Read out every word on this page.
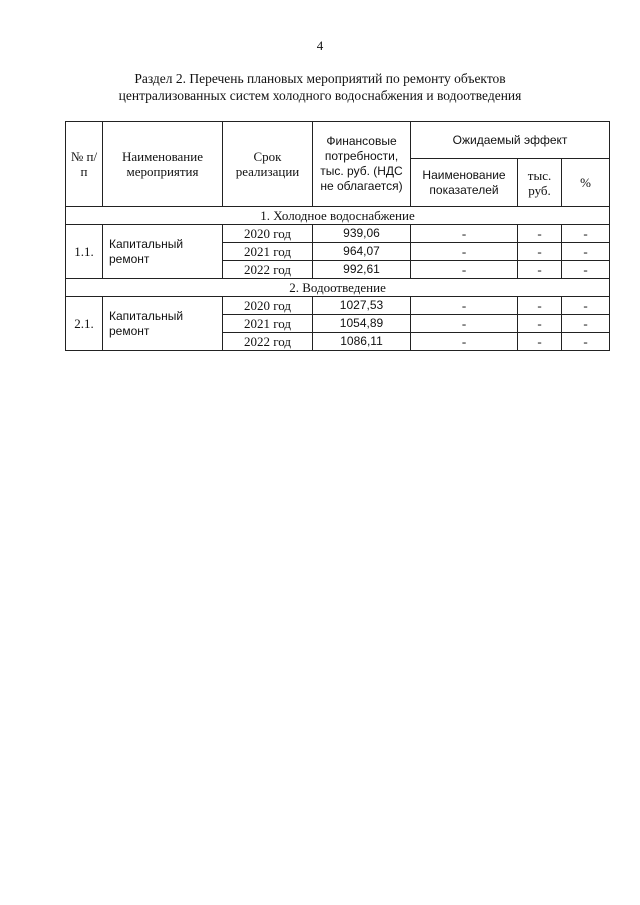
4
Раздел 2. Перечень плановых мероприятий по ремонту объектов
централизованных систем холодного водоснабжения и водоотведения
№ п/п	Наименование мероприятия	Срок реализации	Финансовые потребности, тыс. руб. (НДС не облагается)	Ожидаемый эффект		
				Наименование показателей	тыс. руб.	%
1. Холодное водоснабжение						
1.1.	Капитальный ремонт	2020 год	939,06	-	-	-
		2021 год	964,07	-	-	-
		2022 год	992,61	-	-	-
2. Водоотведение						
2.1.	Капитальный ремонт	2020 год	1027,53	-	-	-
		2021 год	1054,89	-	-	-
		2022 год	1086,11	-	-	-
